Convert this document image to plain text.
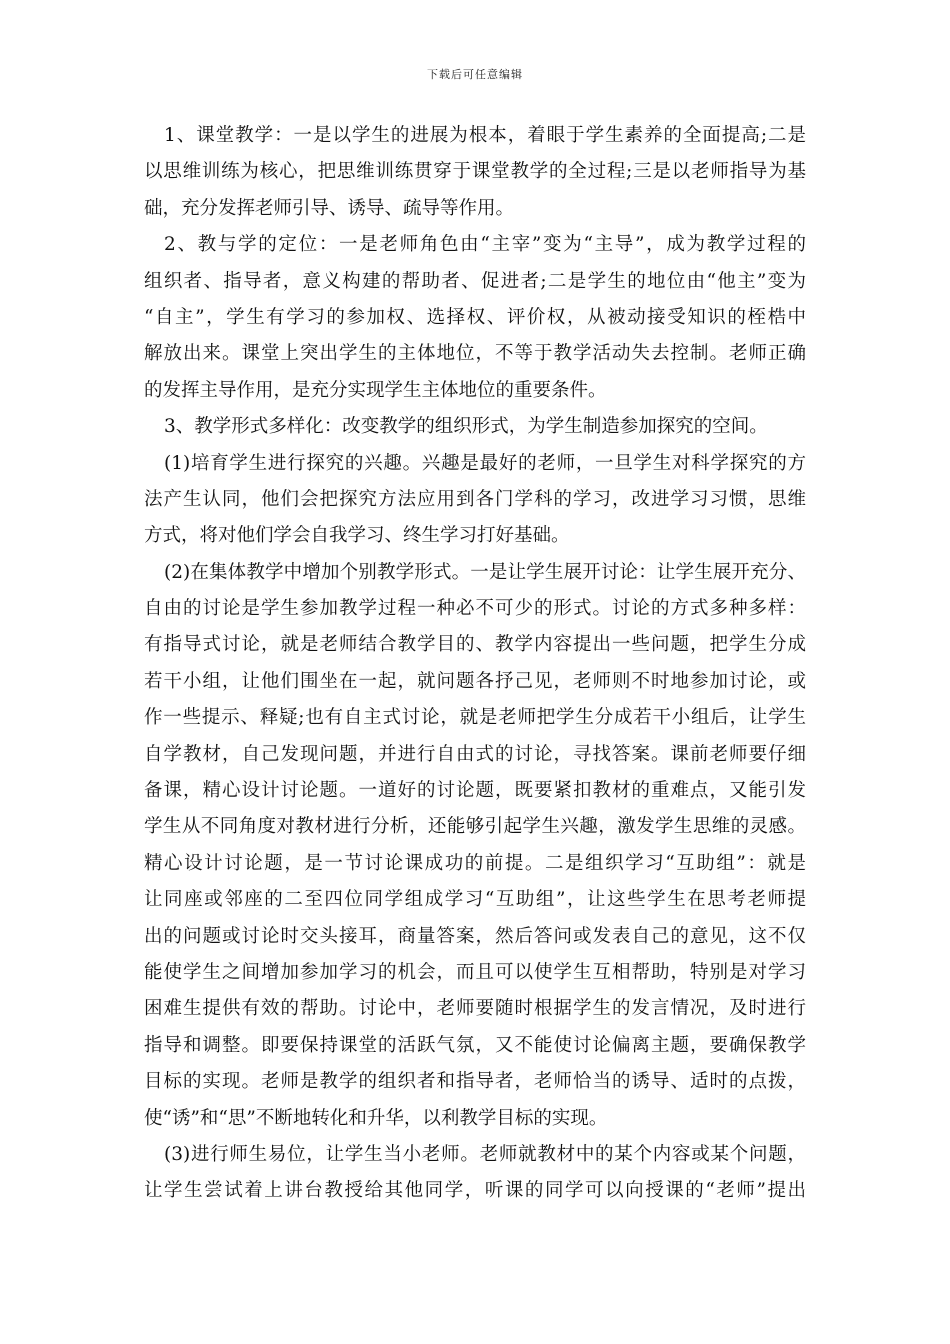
下载后可任意编辑
1、课堂教学：一是以学生的进展为根本，着眼于学生素养的全面提高;二是
以思维训练为核心，把思维训练贯穿于课堂教学的全过程;三是以老师指导为基
础，充分发挥老师引导、诱导、疏导等作用。
2、教与学的定位：一是老师角色由“主宰”变为“主导”，成为教学过程的
组织者、指导者，意义构建的帮助者、促进者;二是学生的地位由“他主”变为
“自主”，学生有学习的参加权、选择权、评价权，从被动接受知识的桎梏中
解放出来。课堂上突出学生的主体地位，不等于教学活动失去控制。老师正确
的发挥主导作用，是充分实现学生主体地位的重要条件。
3、教学形式多样化：改变教学的组织形式，为学生制造参加探究的空间。
(1)培育学生进行探究的兴趣。兴趣是最好的老师，一旦学生对科学探究的方
法产生认同，他们会把探究方法应用到各门学科的学习，改进学习习惯，思维
方式，将对他们学会自我学习、终生学习打好基础。
(2)在集体教学中增加个别教学形式。一是让学生展开讨论：让学生展开充分、
自由的讨论是学生参加教学过程一种必不可少的形式。讨论的方式多种多样：
有指导式讨论，就是老师结合教学目的、教学内容提出一些问题，把学生分成
若干小组，让他们围坐在一起，就问题各抒己见，老师则不时地参加讨论，或
作一些提示、释疑;也有自主式讨论，就是老师把学生分成若干小组后，让学生
自学教材，自己发现问题，并进行自由式的讨论，寻找答案。课前老师要仔细
备课，精心设计讨论题。一道好的讨论题，既要紧扣教材的重难点，又能引发
学生从不同角度对教材进行分析，还能够引起学生兴趣，激发学生思维的灵感。
精心设计讨论题，是一节讨论课成功的前提。二是组织学习“互助组”：就是
让同座或邻座的二至四位同学组成学习“互助组”，让这些学生在思考老师提
出的问题或讨论时交头接耳，商量答案，然后答问或发表自己的意见，这不仅
能使学生之间增加参加学习的机会，而且可以使学生互相帮助，特别是对学习
困难生提供有效的帮助。讨论中，老师要随时根据学生的发言情况，及时进行
指导和调整。即要保持课堂的活跃气氛，又不能使讨论偏离主题，要确保教学
目标的实现。老师是教学的组织者和指导者，老师恰当的诱导、适时的点拨，
使“诱”和“思”不断地转化和升华，以利教学目标的实现。
(3)进行师生易位，让学生当小老师。老师就教材中的某个内容或某个问题，
让学生尝试着上讲台教授给其他同学，听课的同学可以向授课的“老师”提出
